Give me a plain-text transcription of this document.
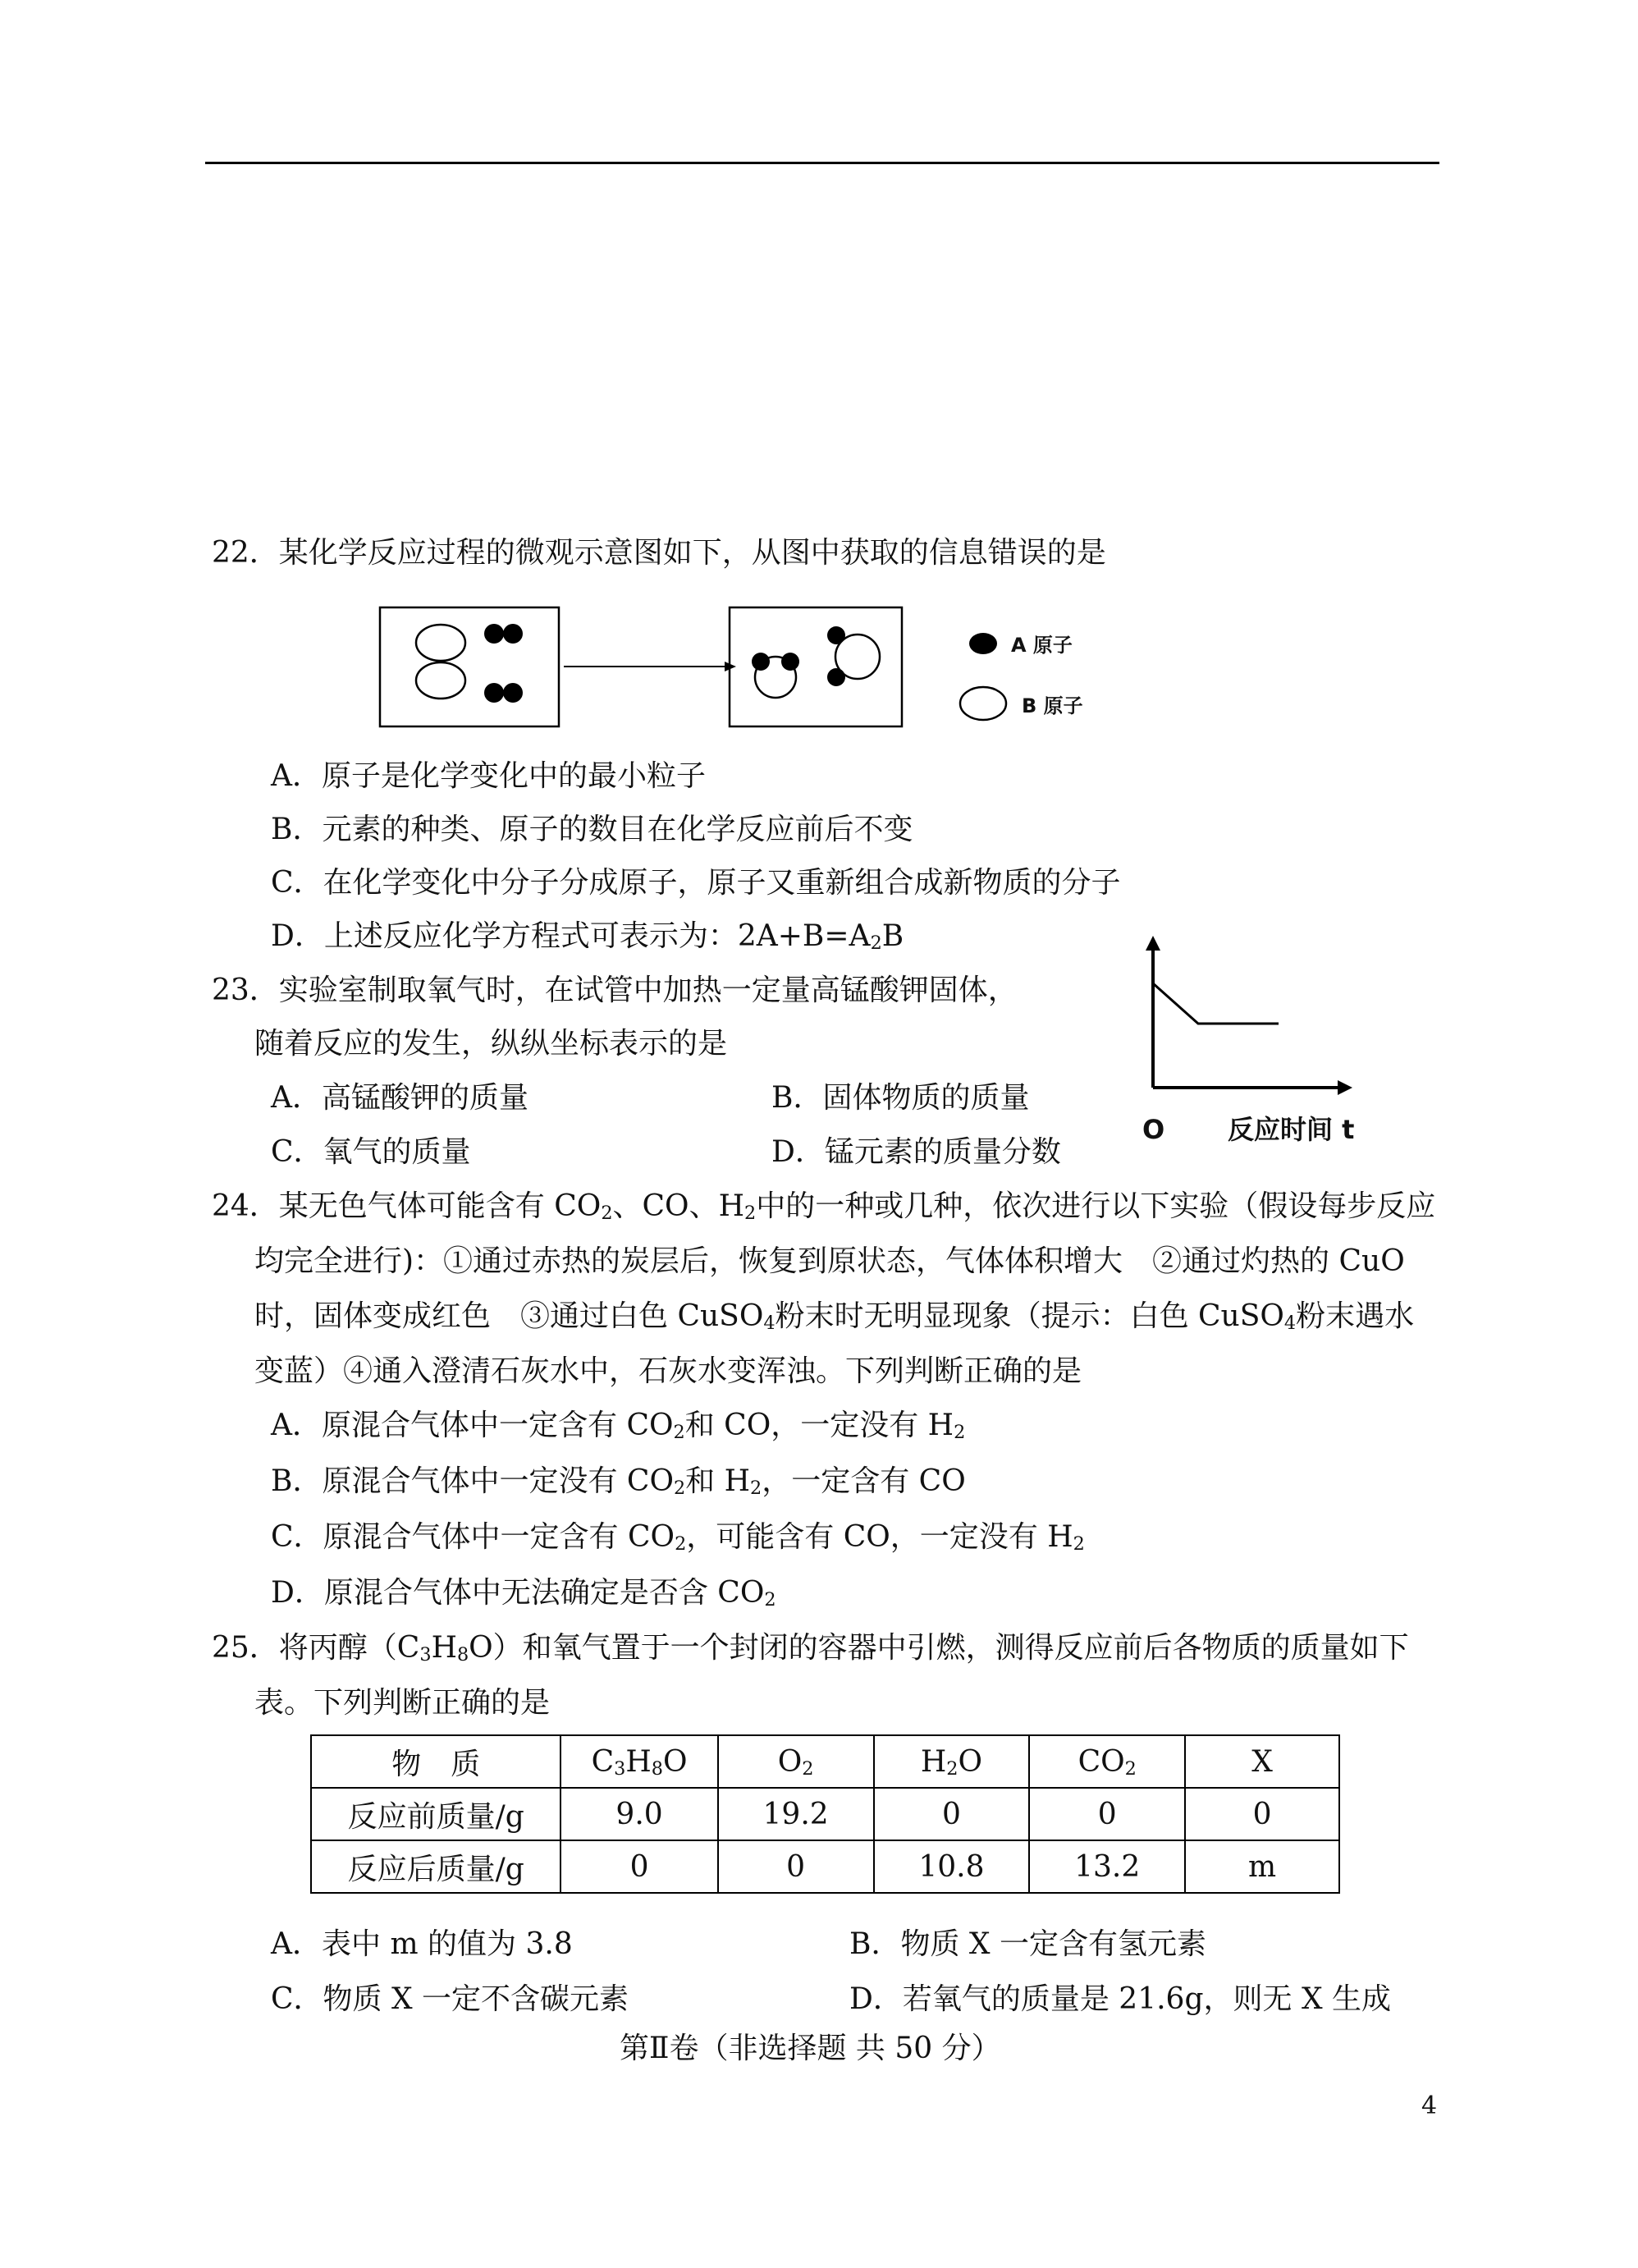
22．某化学反应过程的微观示意图如下，从图中获取的信息错误的是
A 原子
B 原子
A．原子是化学变化中的最小粒子
B．元素的种类、原子的数目在化学反应前后不变
C．在化学变化中分子分成原子，原子又重新组合成新物质的分子
D．上述反应化学方程式可表示为：$2A+B=A_2B$
23．实验室制取氧气时，在试管中加热一定量高锰酸钾固体，
随着反应的发生，纵纵坐标表示的是
O 反应时间 t
A．高锰酸钾的质量	B．固体物质的质量
C．氧气的质量	D．锰元素的质量分数
24．某无色气体可能含有 $CO_2$、CO、$H_2$中的一种或几种，依次进行以下实验（假设每步反应
均完全进行)：①通过赤热的炭层后，恢复到原状态，气体体积增大　②通过灼热的 CuO
时，固体变成红色　③通过白色 CuSO$_4$粉末时无明显现象（提示：白色 CuSO$_4$粉末遇水
变蓝）④通入澄清石灰水中，石灰水变浑浊。下列判断正确的是
A．原混合气体中一定含有 $CO_2$和 CO，一定没有 $H_2$
B．原混合气体中一定没有 $CO_2$和 $H_2$，一定含有 CO
C．原混合气体中一定含有 $CO_2$，可能含有 CO，一定没有 $H_2$
D．原混合气体中无法确定是否含 $CO_2$
25．将丙醇$(C_3H_8O)$和氧气置于一个封闭的容器中引燃，测得反应前后各物质的质量如下
表。下列判断正确的是
物　质	$C_3H_8O$	$O_2$	$H_2O$	$CO_2$	X
反应前质量/g	9.0	19.2	0	0	0
反应后质量/g	0	0	10.8	13.2	m
A．表中 m 的值为 3.8	B．物质 X 一定含有氢元素
C．物质 X 一定不含碳元素	D．若氧气的质量是 21.6g，则无 X 生成
第Ⅱ卷（非选择题 共 50 分）
4
